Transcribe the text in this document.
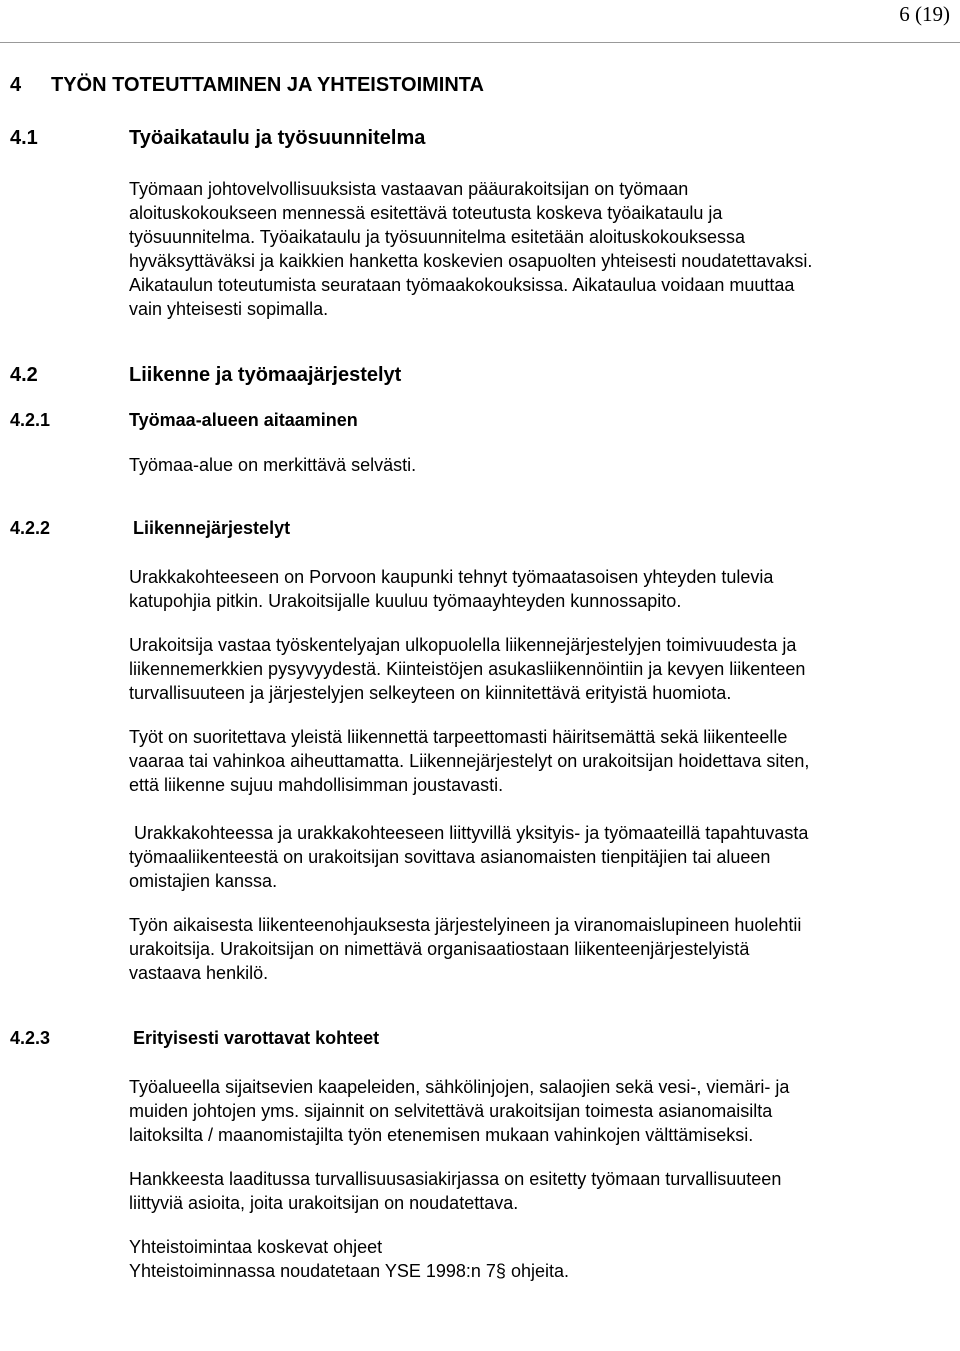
6 (19)
4	TYÖN TOTEUTTAMINEN JA YHTEISTOIMINTA
4.1	Työaikataulu ja työsuunnitelma

Työmaan johtovelvollisuuksista vastaavan pääurakoitsijan on työmaan
aloituskokoukseen mennessä esitettävä toteutusta koskeva työaikataulu ja
työsuunnitelma. Työaikataulu ja työsuunnitelma esitetään aloituskokouksessa
hyväksyttäväksi ja kaikkien hanketta koskevien osapuolten yhteisesti noudatettavaksi.
Aikataulun toteutumista seurataan työmaakokouksissa. Aikataulua voidaan muuttaa
vain yhteisesti sopimalla.

4.2	Liikenne ja työmaajärjestelyt
4.2.1	Työmaa-alueen aitaaminen

Työmaa-alue on merkittävä selvästi.

4.2.2	Liikennejärjestelyt

Urakkakohteeseen on Porvoon kaupunki tehnyt työmaatasoisen yhteyden tulevia
katupohjia pitkin. Urakoitsijalle kuuluu työmaayhteyden kunnossapito.

Urakoitsija vastaa työskentelyajan ulkopuolella liikennejärjestelyjen toimivuudesta ja
liikennemerkkien pysyvyydestä. Kiinteistöjen asukasliikennöintiin ja kevyen liikenteen
turvallisuuteen ja järjestelyjen selkeyteen on kiinnitettävä erityistä huomiota.

Työt on suoritettava yleistä liikennettä tarpeettomasti häiritsemättä sekä liikenteelle
vaaraa tai vahinkoa aiheuttamatta. Liikennejärjestelyt on urakoitsijan hoidettava siten,
että liikenne sujuu mahdollisimman joustavasti.

Urakkakohteessa ja urakkakohteeseen liittyvillä yksityis- ja työmaateillä tapahtuvasta
työmaaliikenteestä on urakoitsijan sovittava asianomaisten tienpitäjien tai alueen
omistajien kanssa.

Työn aikaisesta liikenteenohjauksesta järjestelyineen ja viranomaislupineen huolehtii
urakoitsija. Urakoitsijan on nimettävä organisaatiostaan liikenteenjärjestelyistä
vastaava henkilö.

4.2.3	Erityisesti varottavat kohteet

Työalueella sijaitsevien kaapeleiden, sähkölinjojen, salaojien sekä vesi-, viemäri- ja
muiden johtojen yms. sijainnit on selvitettävä urakoitsijan toimesta asianomaisilta
laitoksilta / maanomistajilta työn etenemisen mukaan vahinkojen välttämiseksi.

Hankkeesta laaditussa turvallisuusasiakirjassa on esitetty työmaan turvallisuuteen
liittyviä asioita, joita urakoitsijan on noudatettava.

Yhteistoimintaa koskevat ohjeet

Yhteistoiminnassa noudatetaan YSE 1998:n 7§ ohjeita.
